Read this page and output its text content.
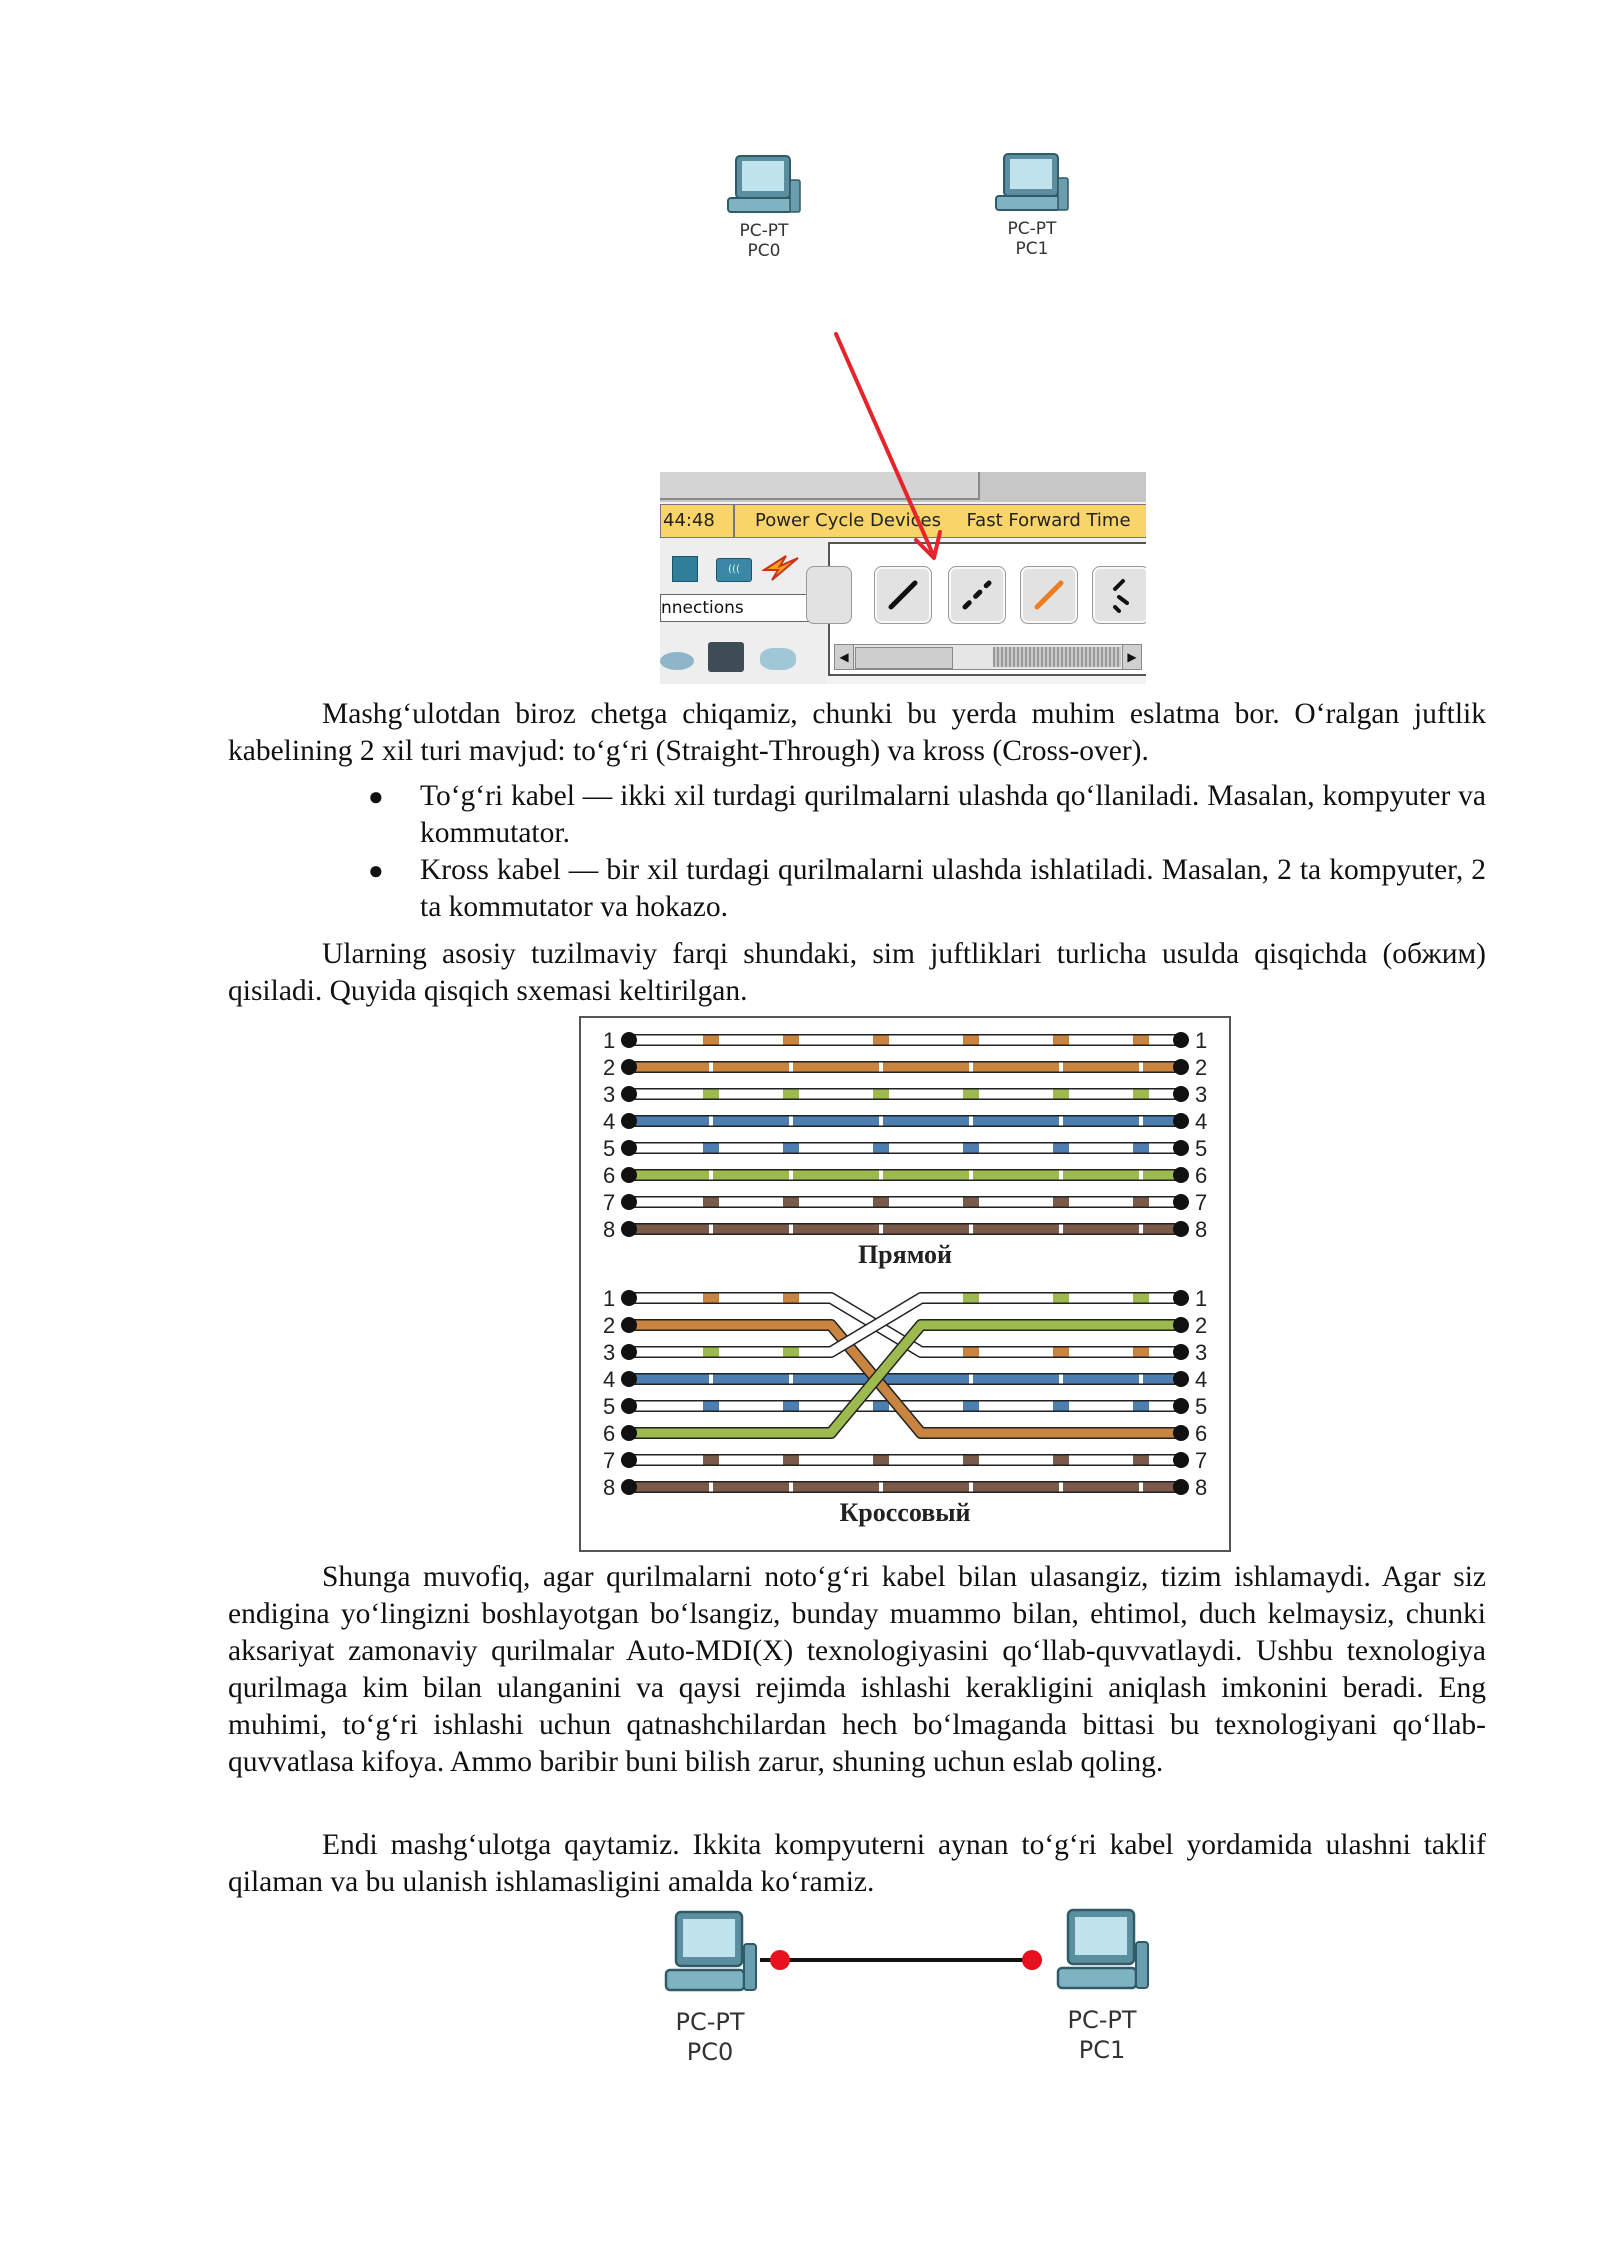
PC-PT
PC0
PC-PT
PC1
44:48	Power Cycle Devices Fast Forward Time
(((
nnections
◀	▶

Mashg‘ulotdan biroz chetga chiqamiz, chunki bu yerda muhim eslatma bor. O‘ralgan juftlik kabelining 2 xil turi mavjud: to‘g‘ri (Straight-Through) va kross (Cross-over).

● To‘g‘ri kabel — ikki xil turdagi qurilmalarni ulashda qo‘llaniladi. Masalan, kompyuter va kommutator.
● Kross kabel — bir xil turdagi qurilmalarni ulashda ishlatiladi. Masalan, 2 ta kompyuter, 2 ta kommutator va hokazo.

Ularning asosiy tuzilmaviy farqi shundaki, sim juftliklari turlicha usulda qisqichda (обжим) qisiladi. Quyida qisqich sxemasi keltirilgan.

1	1
2	2
3	3
4	4
5	5
6	6
7	7
8	8
1	1
2	2
3	3
4	4
5	5
6	6
7	7
8	8
Прямой
Кроссовый

Shunga muvofiq, agar qurilmalarni noto‘g‘ri kabel bilan ulasangiz, tizim ishlamaydi. Agar siz endigina yo‘lingizni boshlayotgan bo‘lsangiz, bunday muammo bilan, ehtimol, duch kelmaysiz, chunki aksariyat zamonaviy qurilmalar Auto-MDI(X) texnologiyasini qo‘llab-quvvatlaydi. Ushbu texnologiya qurilmaga kim bilan ulanganini va qaysi rejimda ishlashi kerakligini aniqlash imkonini beradi. Eng muhimi, to‘g‘ri ishlashi uchun qatnashchilardan hech bo‘lmaganda bittasi bu texnologiyani qo‘llab-quvvatlasa kifoya. Ammo baribir buni bilish zarur, shuning uchun eslab qoling.

Endi mashg‘ulotga qaytamiz. Ikkita kompyuterni aynan to‘g‘ri kabel yordamida ulashni taklif qilaman va bu ulanish ishlamasligini amalda ko‘ramiz.

PC-PT
PC0
PC-PT
PC1
